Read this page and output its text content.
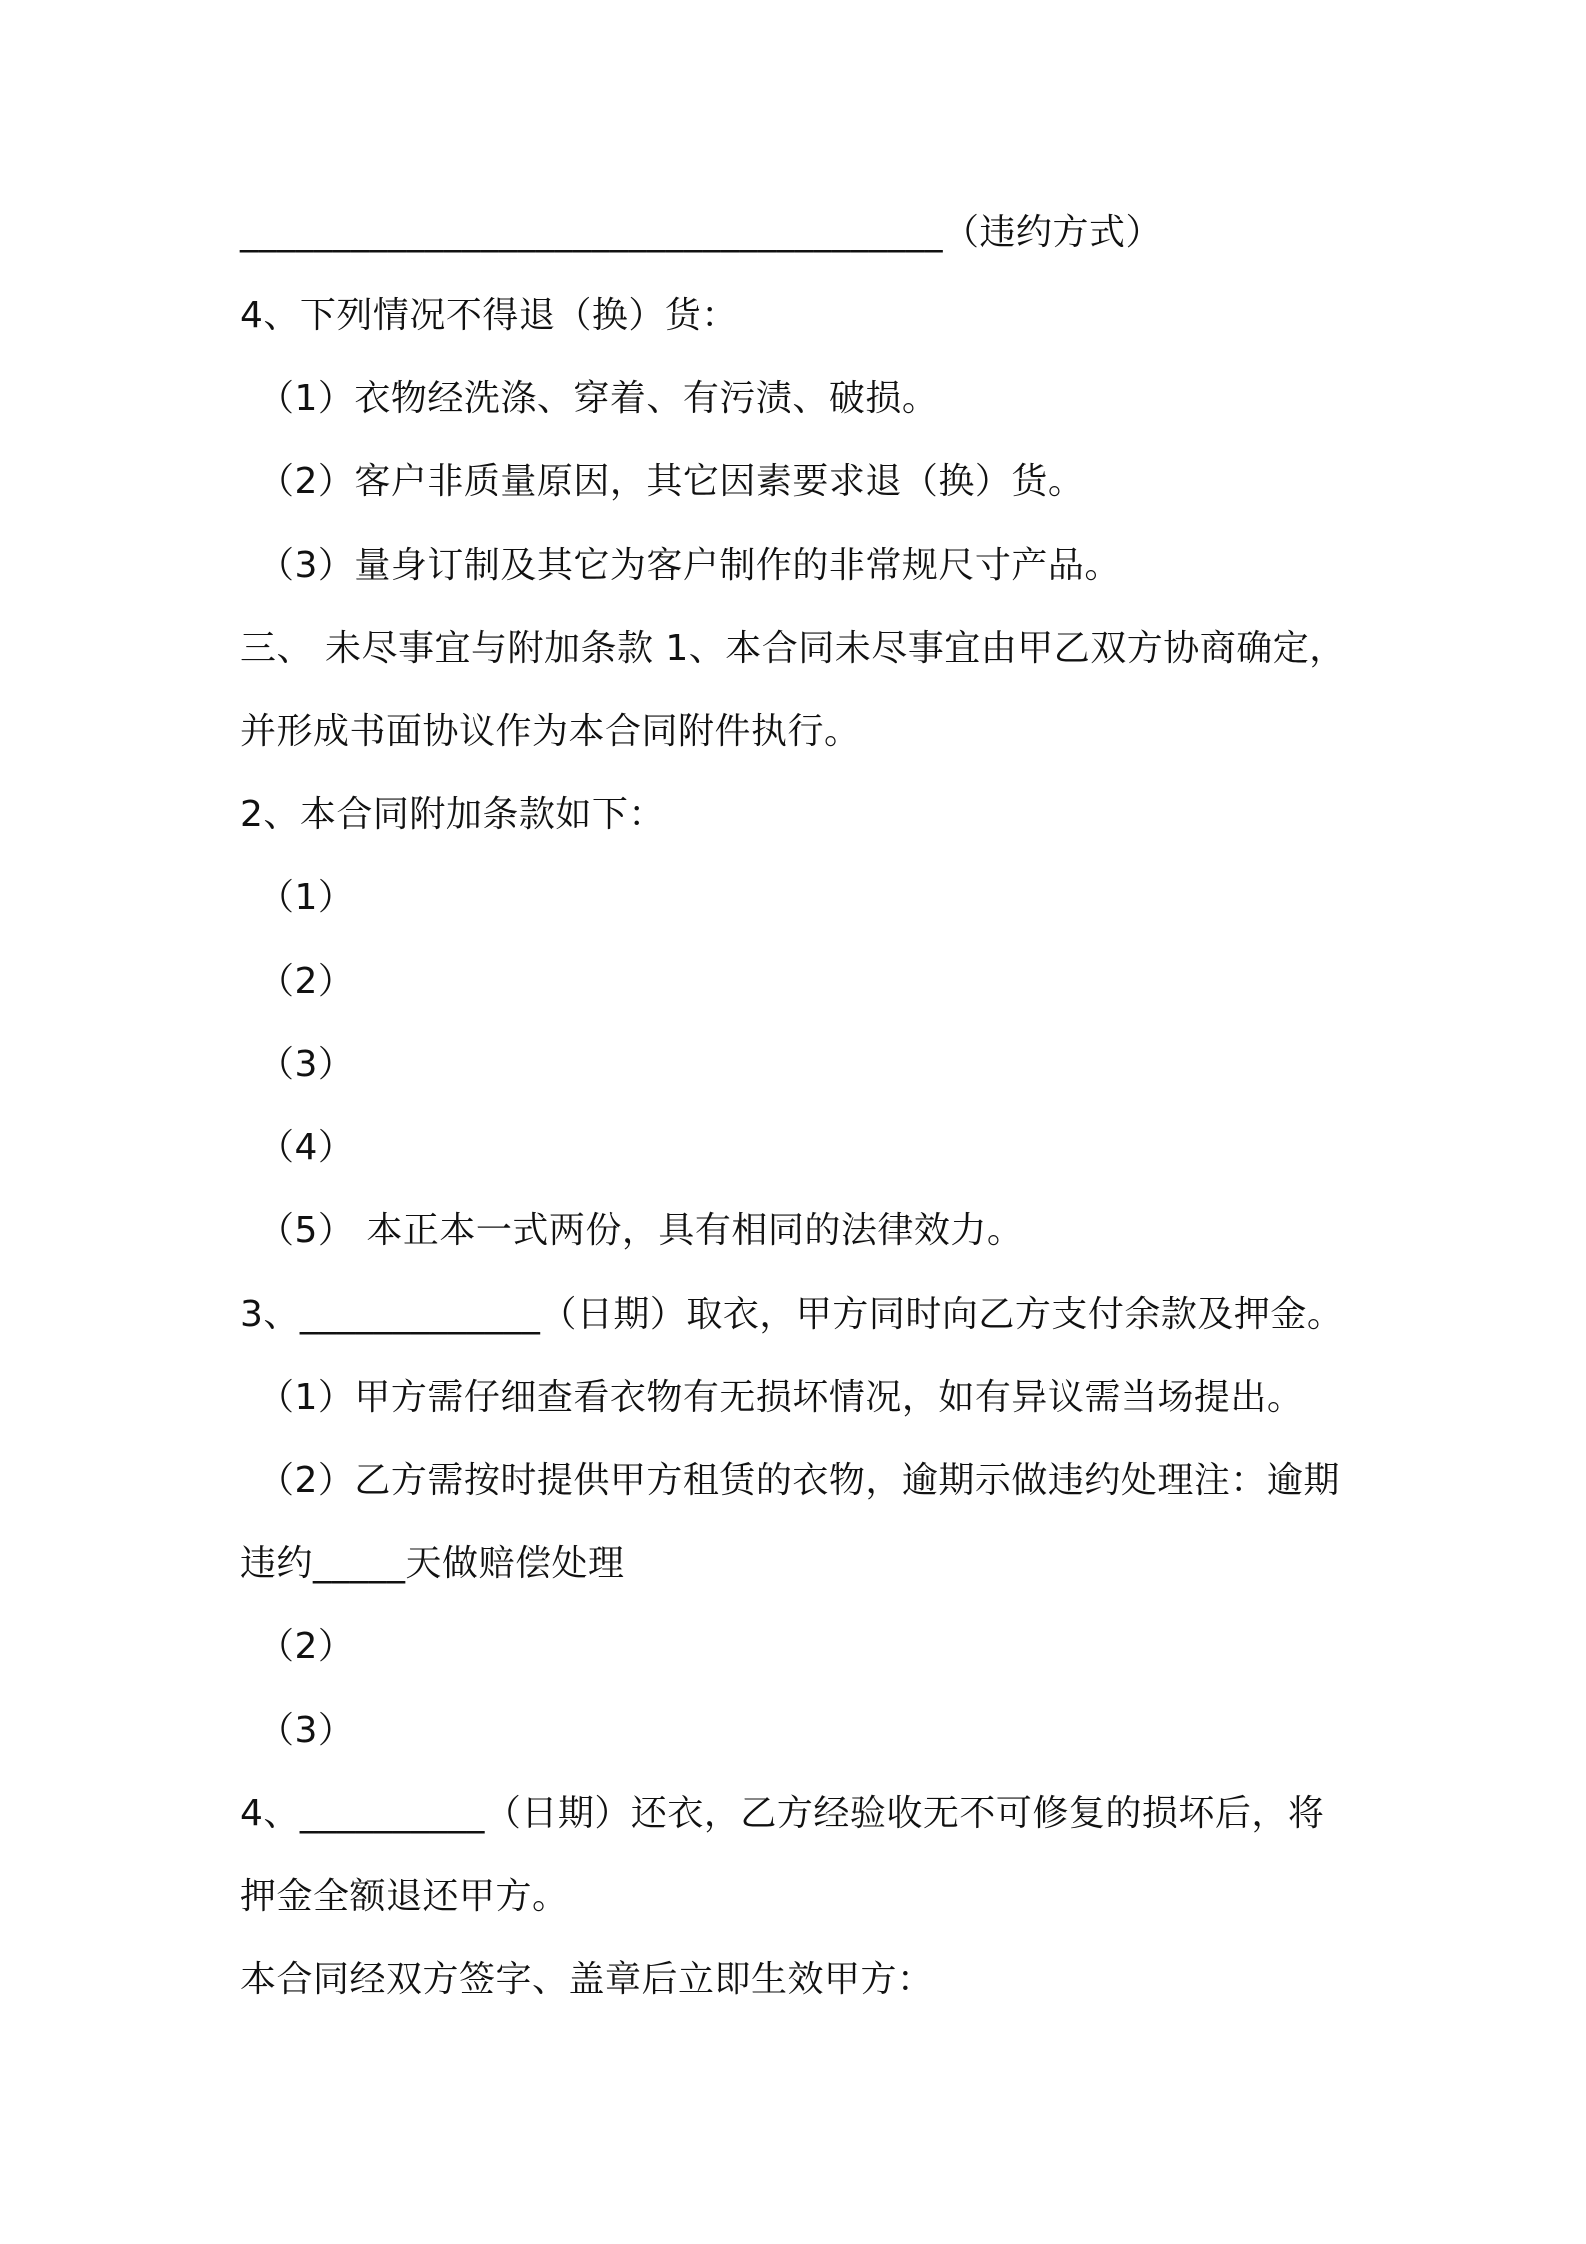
______________________________________（违约方式）
4、下列情况不得退（换）货：
（1）衣物经洗涤、穿着、有污渍、破损。
（2）客户非质量原因，其它因素要求退（换）货。
（3）量身订制及其它为客户制作的非常规尺寸产品。
三、 未尽事宜与附加条款 1、本合同未尽事宜由甲乙双方协商确定，
并形成书面协议作为本合同附件执行。
2、本合同附加条款如下：
（1）
（2）
（3）
（4）
（5） 本正本一式两份，具有相同的法律效力。
3、_____________（日期）取衣，甲方同时向乙方支付余款及押金。
（1）甲方需仔细查看衣物有无损坏情况，如有异议需当场提出。
（2）乙方需按时提供甲方租赁的衣物，逾期示做违约处理注：逾期
违约_____天做赔偿处理
（2）
（3）
4、__________（日期）还衣，乙方经验收无不可修复的损坏后，将
押金全额退还甲方。
本合同经双方签字、盖章后立即生效甲方：
